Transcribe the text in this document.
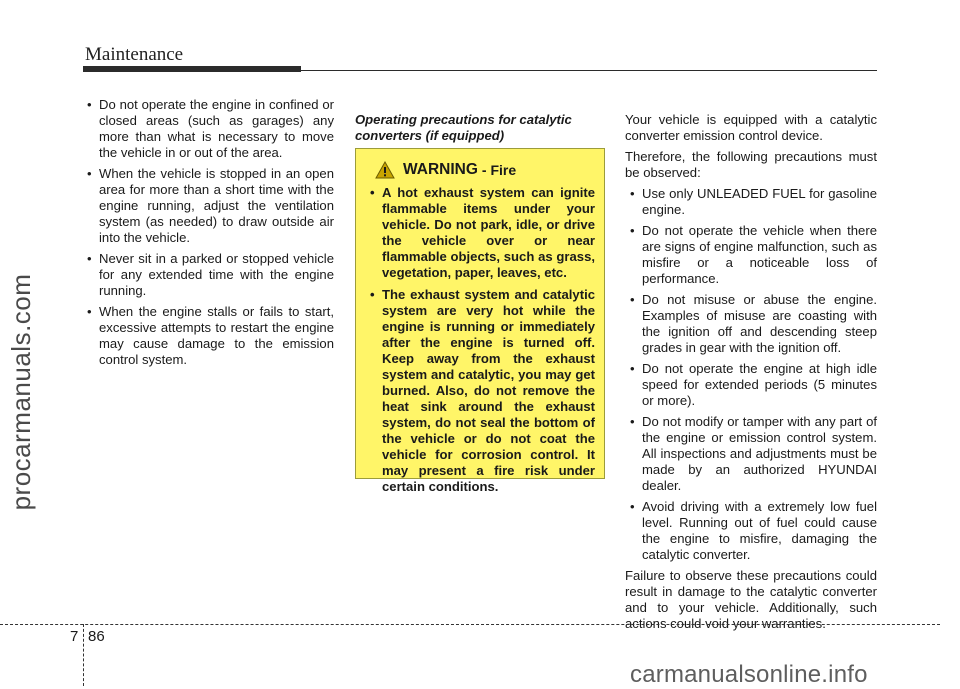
Maintenance
procarmanuals.com
• Do not operate the engine in confined or closed areas (such as garages) any more than what is necessary to move the vehicle in or out of the area.
• When the vehicle is stopped in an open area for more than a short time with the engine running, adjust the ventilation system (as needed) to draw outside air into the vehicle.
• Never sit in a parked or stopped vehicle for any extended time with the engine running.
• When the engine stalls or fails to start, excessive attempts to restart the engine may cause damage to the emission control system.
Operating precautions for catalytic converters (if equipped)
WARNING - Fire
• A hot exhaust system can ignite flammable items under your vehicle. Do not park, idle, or drive the vehicle over or near flammable objects, such as grass, vegetation, paper, leaves, etc.
• The exhaust system and catalytic system are very hot while the engine is running or immediately after the engine is turned off. Keep away from the exhaust system and catalytic, you may get burned. Also, do not remove the heat sink around the exhaust system, do not seal the bottom of the vehicle or do not coat the vehicle for corrosion control. It may present a fire risk under certain conditions.

Your vehicle is equipped with a catalytic converter emission control device.

Therefore, the following precautions must be observed:

• Use only UNLEADED FUEL for gasoline engine.
• Do not operate the vehicle when there are signs of engine malfunction, such as misfire or a noticeable loss of performance.
• Do not misuse or abuse the engine. Examples of misuse are coasting with the ignition off and descending steep grades in gear with the ignition off.
• Do not operate the engine at high idle speed for extended periods (5 minutes or more).
• Do not modify or tamper with any part of the engine or emission control system. All inspections and adjustments must be made by an authorized HYUNDAI dealer.
• Avoid driving with a extremely low fuel level. Running out of fuel could cause the engine to misfire, damaging the catalytic converter.

Failure to observe these precautions could result in damage to the catalytic converter and to your vehicle. Additionally, such actions could void your warranties.

7 86
carmanualsonline.info
